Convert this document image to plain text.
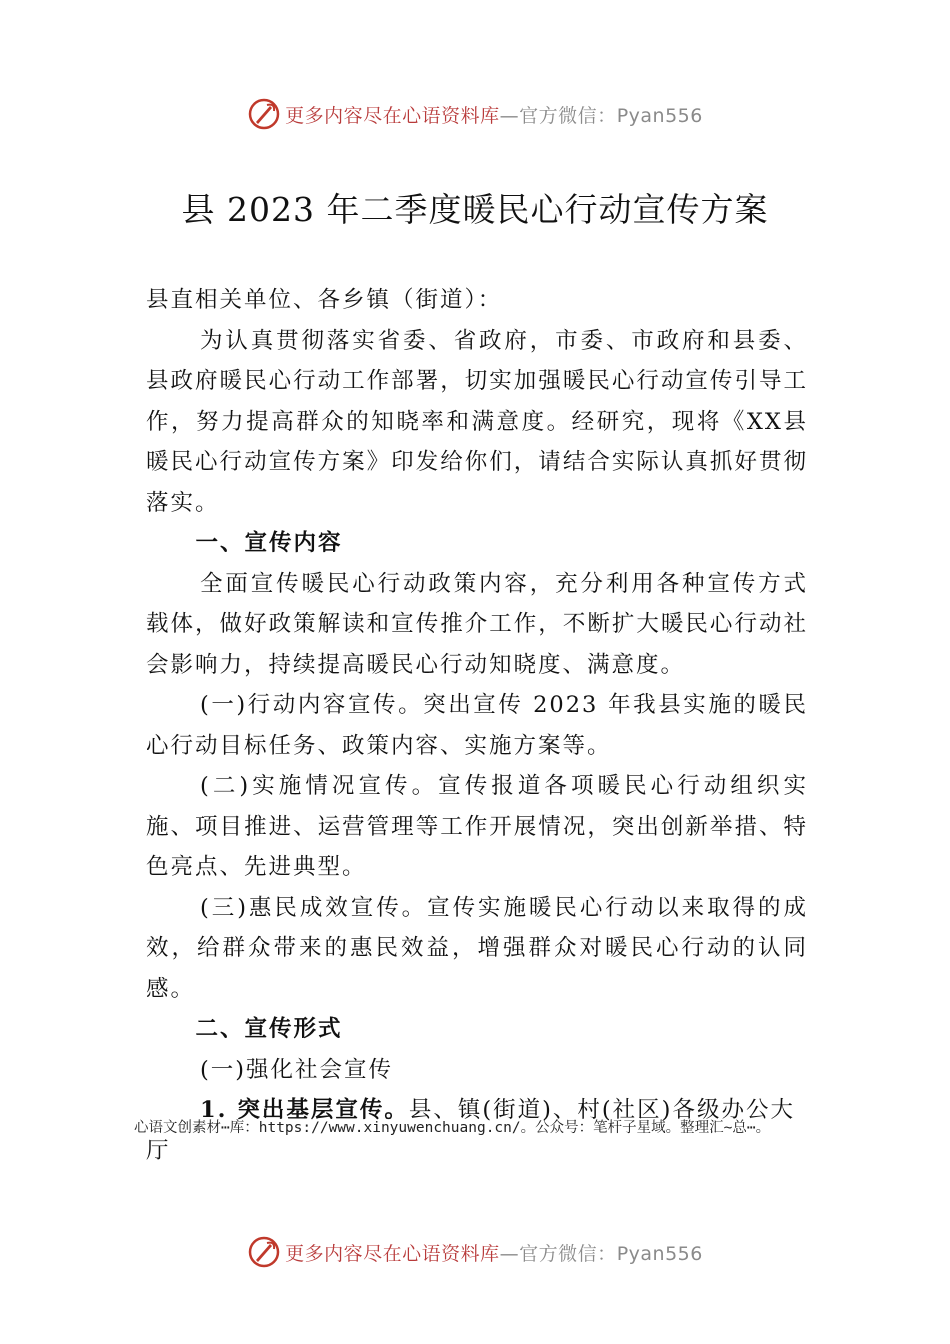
更多内容尽在心语资料库—官方微信：Pyan556
县 2023 年二季度暖民心行动宣传方案

县直相关单位、各乡镇（街道）：

为认真贯彻落实省委、省政府，市委、市政府和县委、县政府暖民心行动工作部署，切实加强暖民心行动宣传引导工作，努力提高群众的知晓率和满意度。经研究，现将《XX县暖民心行动宣传方案》印发给你们，请结合实际认真抓好贯彻落实。

一、宣传内容

全面宣传暖民心行动政策内容，充分利用各种宣传方式载体，做好政策解读和宣传推介工作，不断扩大暖民心行动社会影响力，持续提高暖民心行动知晓度、满意度。

(一)行动内容宣传。突出宣传 2023 年我县实施的暖民心行动目标任务、政策内容、实施方案等。

(二)实施情况宣传。宣传报道各项暖民心行动组织实施、项目推进、运营管理等工作开展情况，突出创新举措、特色亮点、先进典型。

(三)惠民成效宣传。宣传实施暖民心行动以来取得的成效，给群众带来的惠民效益，增强群众对暖民心行动的认同感。

二、宣传形式

(一)强化社会宣传

1. 突出基层宣传。县、镇(街道)、村(社区)各级办公大厅

心语文创素材⋯库：https://www.xinyuwenchuang.cn/。公众号：笔杆子星域。整理汇~总⋯。
更多内容尽在心语资料库—官方微信：Pyan556
